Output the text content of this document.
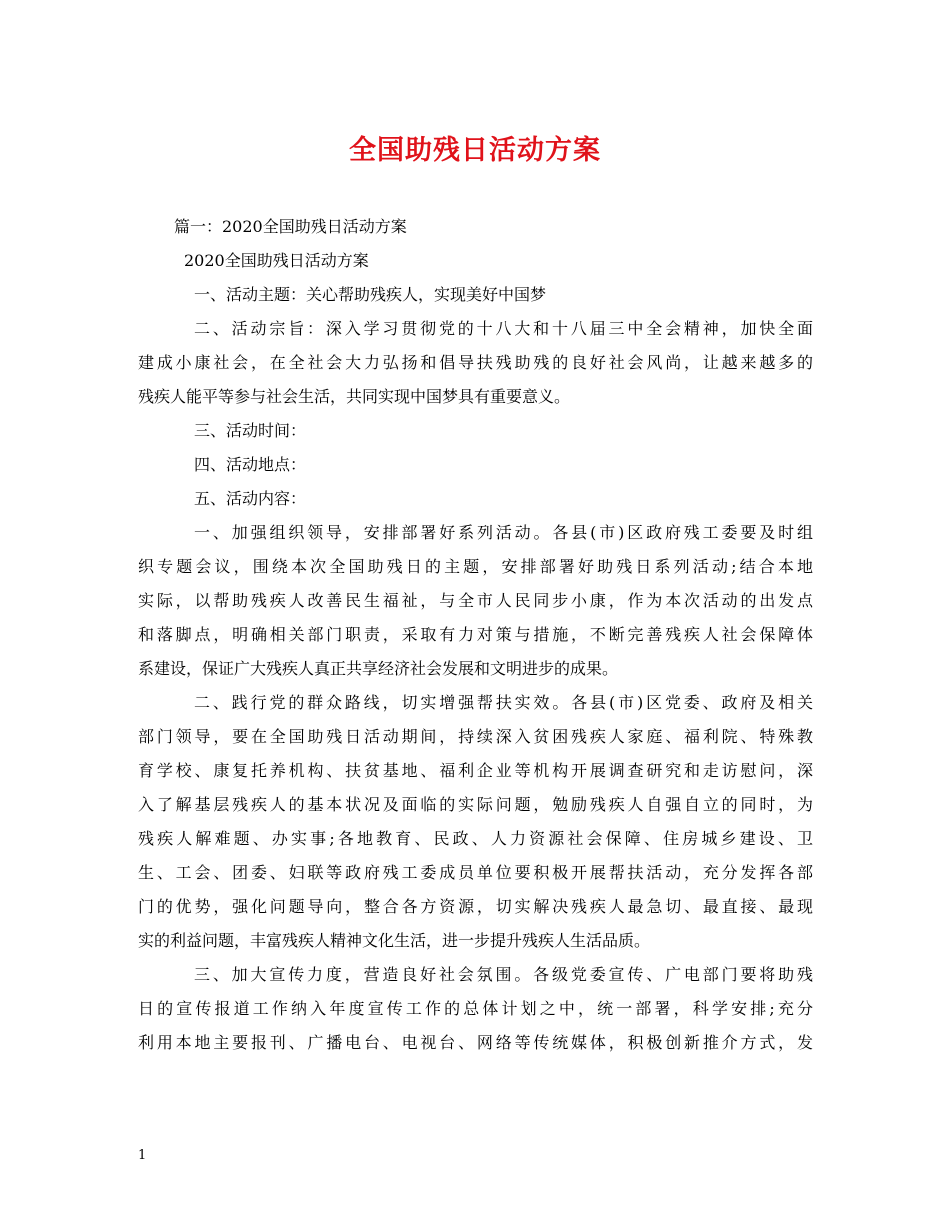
全国助残日活动方案

篇一：2020全国助残日活动方案

2020全国助残日活动方案

一、活动主题：关心帮助残疾人，实现美好中国梦

二、活动宗旨：深入学习贯彻党的十八大和十八届三中全会精神，加快全面

建成小康社会，在全社会大力弘扬和倡导扶残助残的良好社会风尚，让越来越多的

残疾人能平等参与社会生活，共同实现中国梦具有重要意义。

三、活动时间：

四、活动地点：

五、活动内容：

一、加强组织领导，安排部署好系列活动。各县(市)区政府残工委要及时组

织专题会议，围绕本次全国助残日的主题，安排部署好助残日系列活动;结合本地

实际，以帮助残疾人改善民生福祉，与全市人民同步小康，作为本次活动的出发点

和落脚点，明确相关部门职责，采取有力对策与措施，不断完善残疾人社会保障体

系建设，保证广大残疾人真正共享经济社会发展和文明进步的成果。

二、践行党的群众路线，切实增强帮扶实效。各县(市)区党委、政府及相关

部门领导，要在全国助残日活动期间，持续深入贫困残疾人家庭、福利院、特殊教

育学校、康复托养机构、扶贫基地、福利企业等机构开展调查研究和走访慰问，深

入了解基层残疾人的基本状况及面临的实际问题，勉励残疾人自强自立的同时，为

残疾人解难题、办实事;各地教育、民政、人力资源社会保障、住房城乡建设、卫

生、工会、团委、妇联等政府残工委成员单位要积极开展帮扶活动，充分发挥各部

门的优势，强化问题导向，整合各方资源，切实解决残疾人最急切、最直接、最现

实的利益问题，丰富残疾人精神文化生活，进一步提升残疾人生活品质。

三、加大宣传力度，营造良好社会氛围。各级党委宣传、广电部门要将助残

日的宣传报道工作纳入年度宣传工作的总体计划之中，统一部署，科学安排;充分

利用本地主要报刊、广播电台、电视台、网络等传统媒体，积极创新推介方式，发

1
